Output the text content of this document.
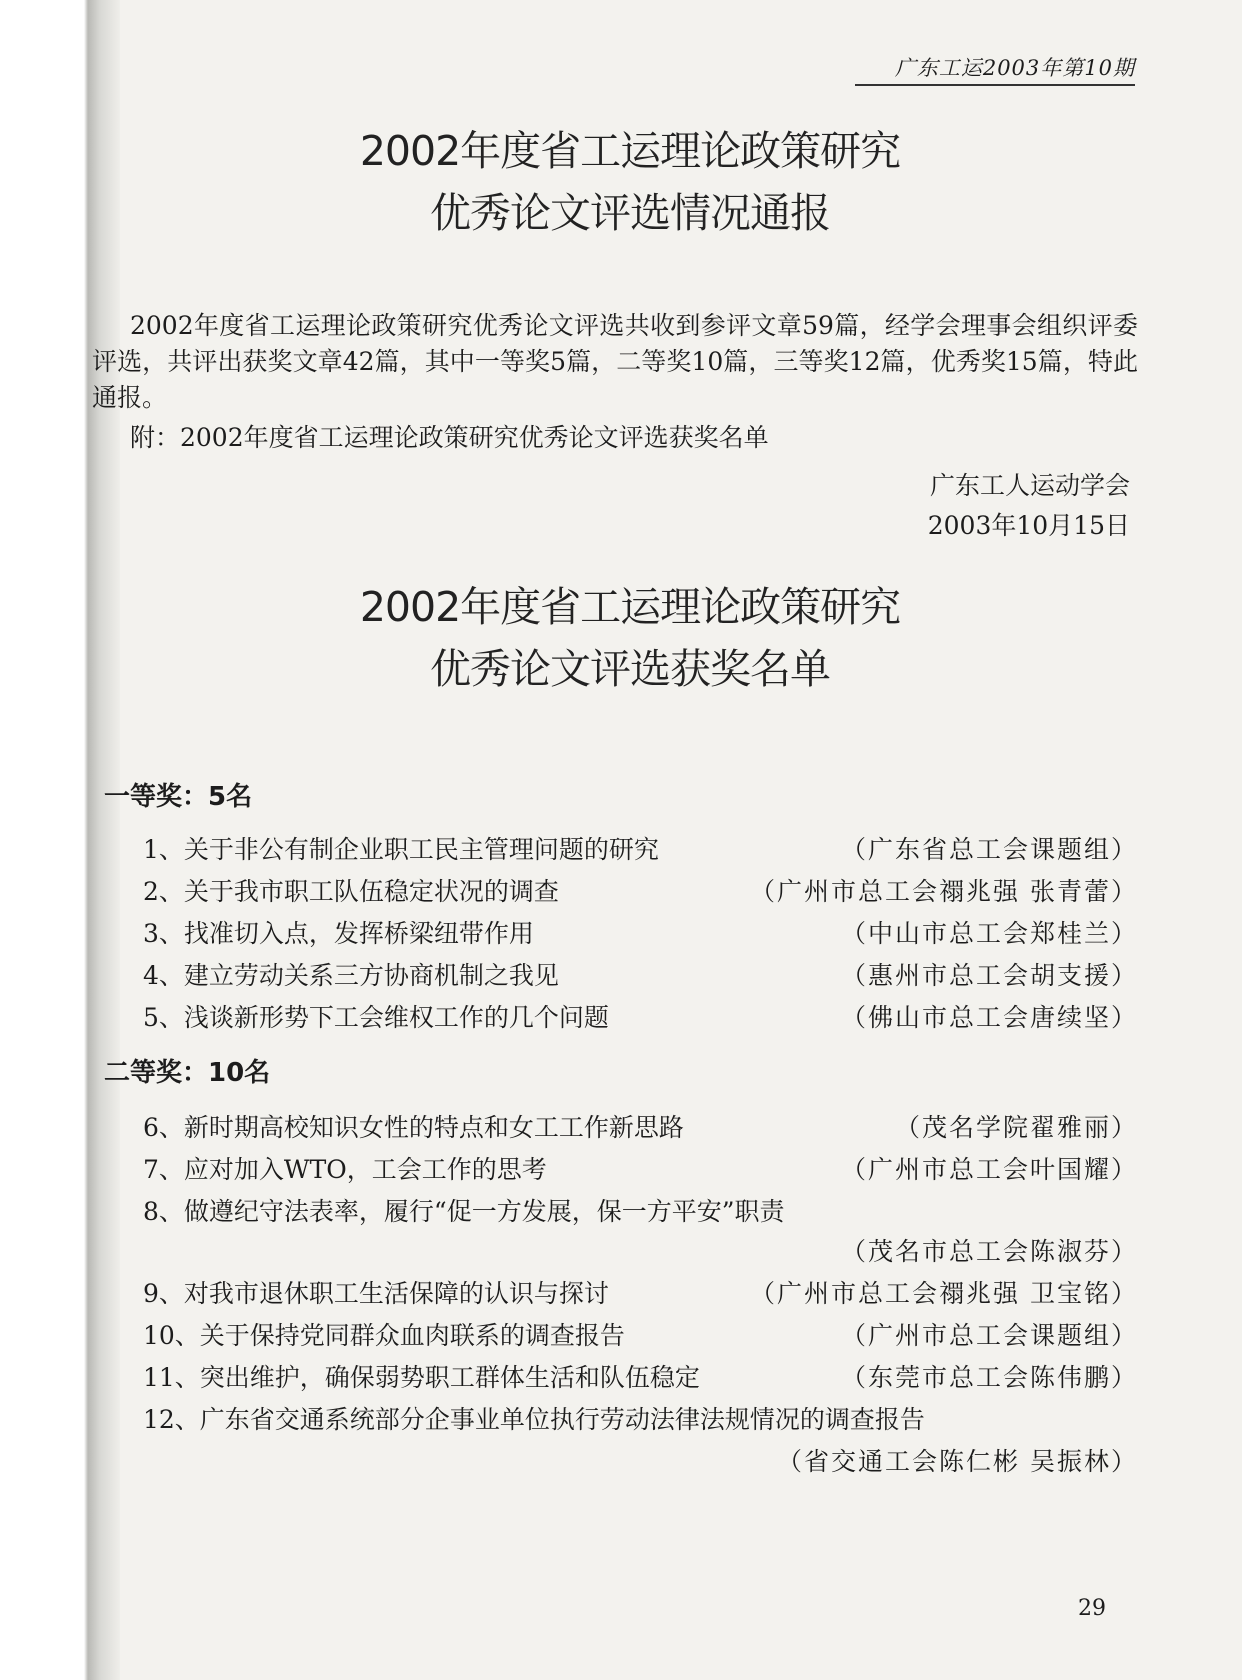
广东工运2003年第10期
2002年度省工运理论政策研究
优秀论文评选情况通报
2002年度省工运理论政策研究优秀论文评选共收到参评文章59篇，经学会理事会组织评委评选，共评出获奖文章42篇，其中一等奖5篇，二等奖10篇，三等奖12篇，优秀奖15篇，特此通报。
附：2002年度省工运理论政策研究优秀论文评选获奖名单
广东工人运动学会
2003年10月15日
2002年度省工运理论政策研究
优秀论文评选获奖名单
一等奖：5名
1、关于非公有制企业职工民主管理问题的研究	（广东省总工会课题组）
2、关于我市职工队伍稳定状况的调查	（广州市总工会禤兆强 张青蕾）
3、找准切入点，发挥桥梁纽带作用	（中山市总工会郑桂兰）
4、建立劳动关系三方协商机制之我见	（惠州市总工会胡支援）
5、浅谈新形势下工会维权工作的几个问题	（佛山市总工会唐续坚）
二等奖：10名
6、新时期高校知识女性的特点和女工工作新思路	（茂名学院翟雅丽）
7、应对加入WTO，工会工作的思考	（广州市总工会叶国耀）
8、做遵纪守法表率，履行“促一方发展，保一方平安”职责
（茂名市总工会陈淑芬）
9、对我市退休职工生活保障的认识与探讨	（广州市总工会禤兆强 卫宝铭）
10、关于保持党同群众血肉联系的调查报告	（广州市总工会课题组）
11、突出维护，确保弱势职工群体生活和队伍稳定	（东莞市总工会陈伟鹏）
12、广东省交通系统部分企事业单位执行劳动法律法规情况的调查报告
（省交通工会陈仁彬 吴振林）
29
